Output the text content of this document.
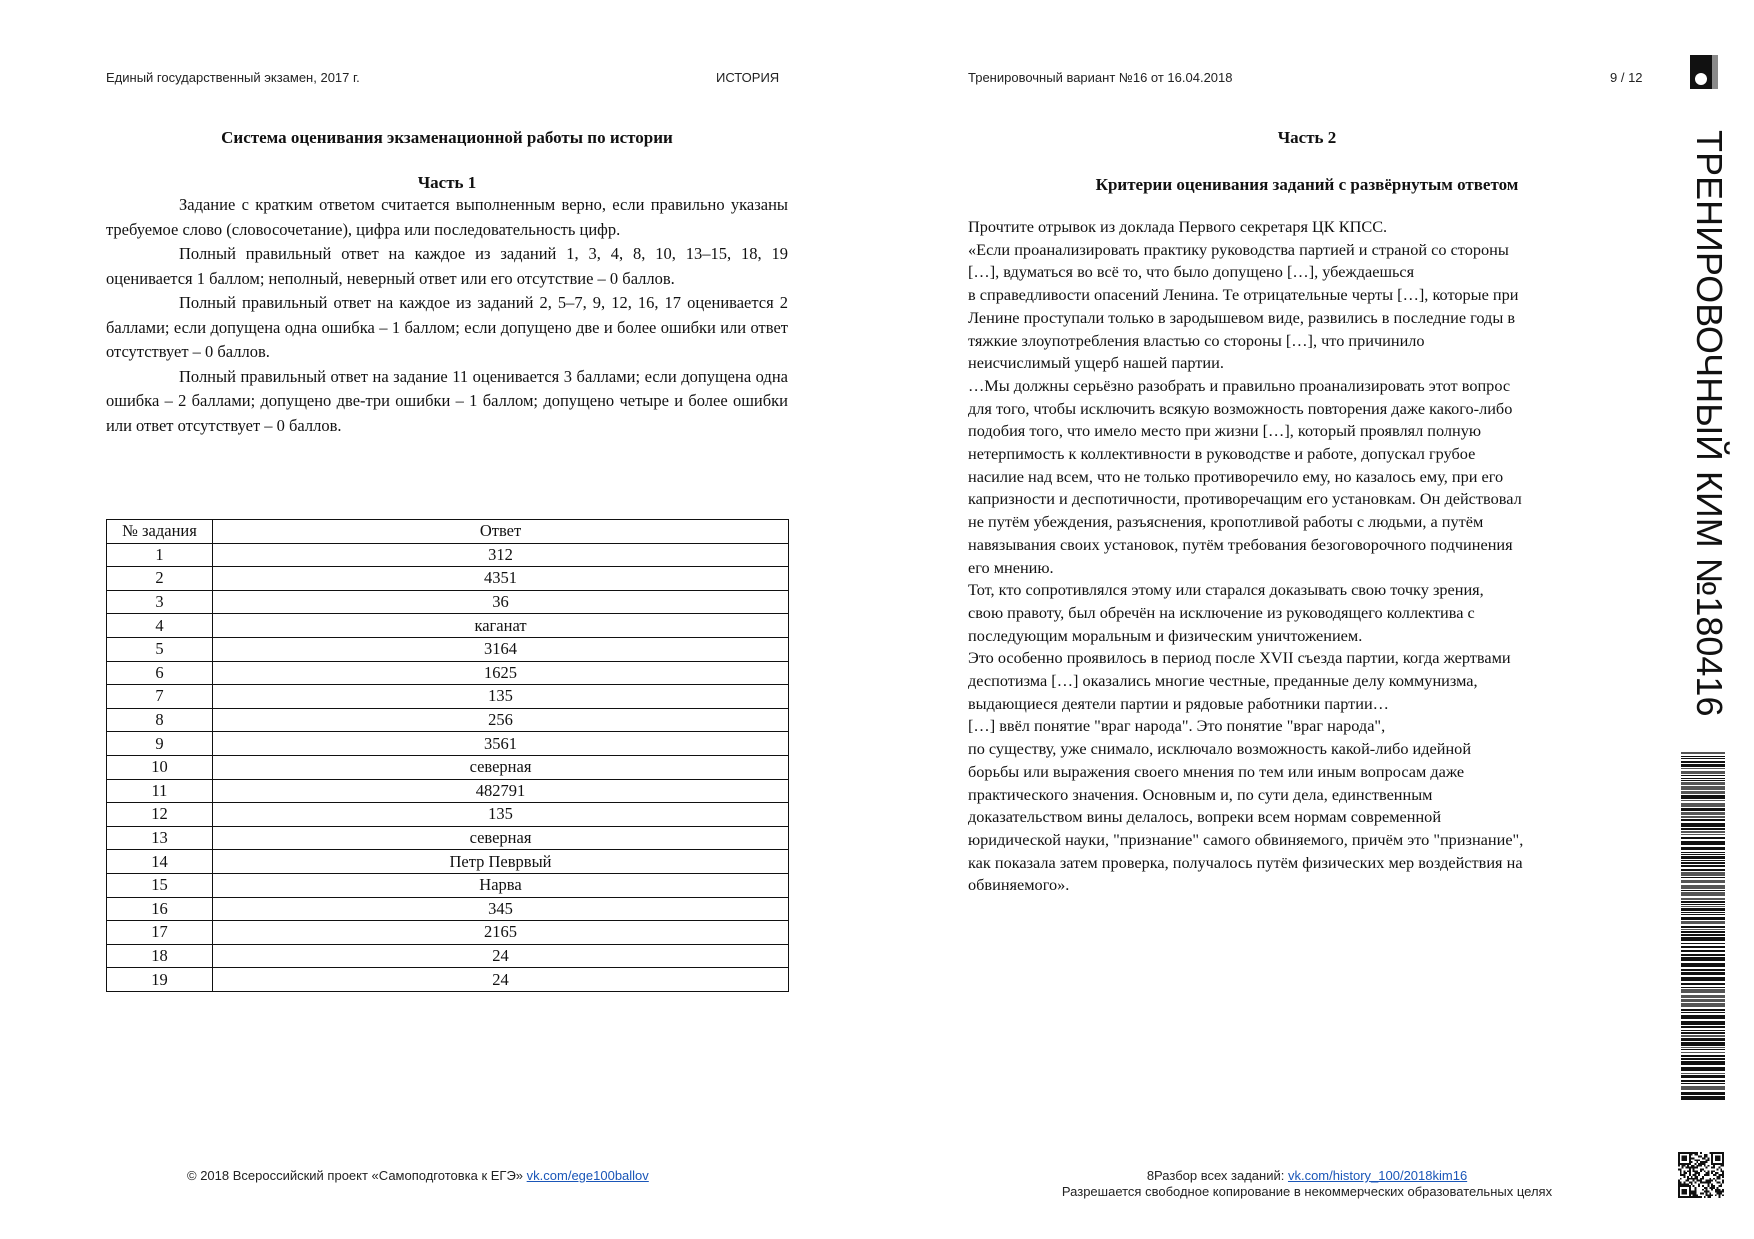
Единый государственный экзамен, 2017 г.	ИСТОРИЯ	Тренировочный вариант №16 от 16.04.2018	9 / 12
Система оценивания экзаменационной работы по истории
Часть 1

Задание с кратким ответом считается выполненным верно, если правильно указаны требуемое слово (словосочетание), цифра или последовательность цифр.

Полный правильный ответ на каждое из заданий 1, 3, 4, 8, 10, 13–15, 18, 19 оценивается 1 баллом; неполный, неверный ответ или его отсутствие – 0 баллов.

Полный правильный ответ на каждое из заданий 2, 5–7, 9, 12, 16, 17 оценивается 2 баллами; если допущена одна ошибка – 1 баллом; если допущено две и более ошибки или ответ отсутствует – 0 баллов.

Полный правильный ответ на задание 11 оценивается 3 баллами; если допущена одна ошибка – 2 баллами; допущено две-три ошибки – 1 баллом; допущено четыре и более ошибки или ответ отсутствует – 0 баллов.

№ задания	Ответ
1	312
2	4351
3	36
4	каганат
5	3164
6	1625
7	135
8	256
9	3561
10	северная
11	482791
12	135
13	северная
14	Петр Певрвый
15	Нарва
16	345
17	2165
18	24
19	24
Часть 2
Критерии оценивания заданий с развёрнутым ответом

Прочтите отрывок из доклада Первого секретаря ЦК КПСС.

«Если проанализировать практику руководства партией и страной со стороны

[…], вдуматься во всё то, что было допущено […], убеждаешься

в справедливости опасений Ленина. Те отрицательные черты […], которые при

Ленине проступали только в зародышевом виде, развились в последние годы в

тяжкие злоупотребления властью со стороны […], что причинило

неисчислимый ущерб нашей партии.

…Мы должны серьёзно разобрать и правильно проанализировать этот вопрос

для того, чтобы исключить всякую возможность повторения даже какого-либо

подобия того, что имело место при жизни […], который проявлял полную

нетерпимость к коллективности в руководстве и работе, допускал грубое

насилие над всем, что не только противоречило ему, но казалось ему, при его

капризности и деспотичности, противоречащим его установкам. Он действовал

не путём убеждения, разъяснения, кропотливой работы с людьми, а путём

навязывания своих установок, путём требования безоговорочного подчинения

его мнению.

Тот, кто сопротивлялся этому или старался доказывать свою точку зрения,

свою правоту, был обречён на исключение из руководящего коллектива с

последующим моральным и физическим уничтожением.

Это особенно проявилось в период после XVII съезда партии, когда жертвами

деспотизма […] оказались многие честные, преданные делу коммунизма,

выдающиеся деятели партии и рядовые работники партии…

[…] ввёл понятие "враг народа". Это понятие "враг народа",

по существу, уже снимало, исключало возможность какой-либо идейной

борьбы или выражения своего мнения по тем или иным вопросам даже

практического значения. Основным и, по сути дела, единственным

доказательством вины делалось, вопреки всем нормам современной

юридической науки, "признание" самого обвиняемого, причём это "признание",

как показала затем проверка, получалось путём физических мер воздействия на

обвиняемого».

© 2018 Всероссийский проект «Самоподготовка к ЕГЭ» vk.com/ege100ballov	8Разбор всех заданий: vk.com/history_100/2018kim16
Разрешается свободное копирование в некоммерческих образовательных целях
ТРЕНИРОВОЧНЫЙ КИМ №180416
